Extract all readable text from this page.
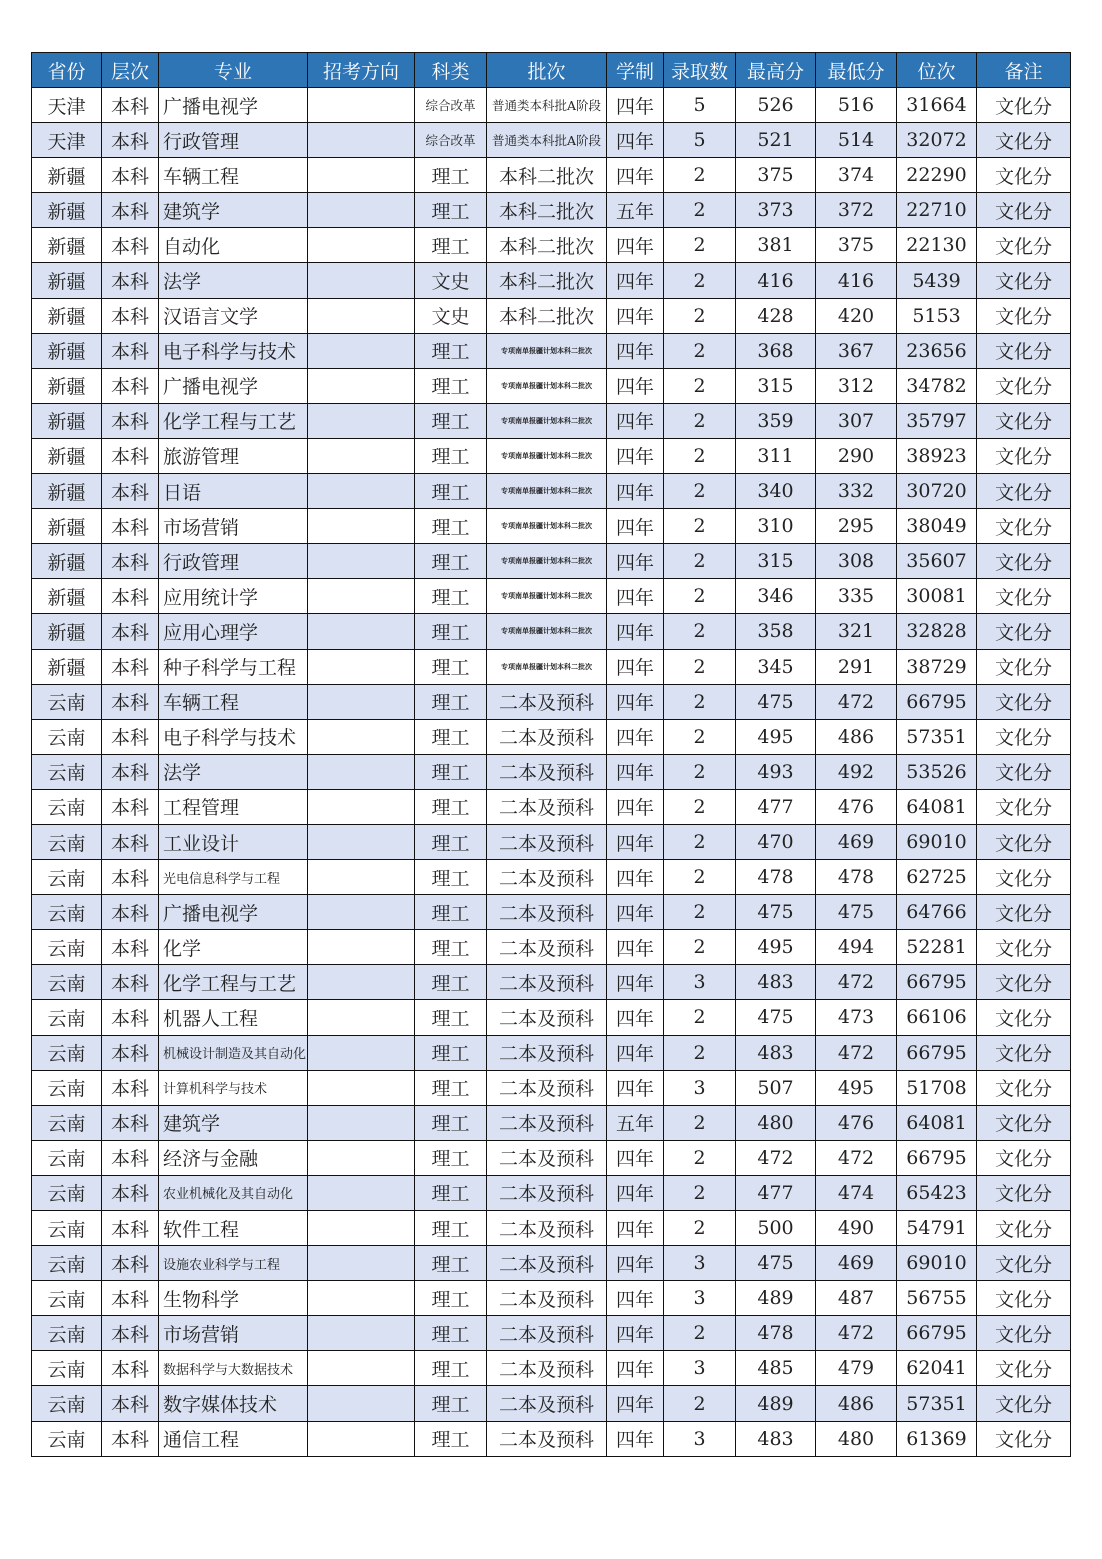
省份	层次	专业	招考方向	科类	批次	学制	录取数	最高分	最低分	位次	备注
天津	本科	广播电视学		综合改革	普通类本科批A阶段	四年	5	526	516	31664	文化分
天津	本科	行政管理		综合改革	普通类本科批A阶段	四年	5	521	514	32072	文化分
新疆	本科	车辆工程		理工	本科二批次	四年	2	375	374	22290	文化分
新疆	本科	建筑学		理工	本科二批次	五年	2	373	372	22710	文化分
新疆	本科	自动化		理工	本科二批次	四年	2	381	375	22130	文化分
新疆	本科	法学		文史	本科二批次	四年	2	416	416	5439	文化分
新疆	本科	汉语言文学		文史	本科二批次	四年	2	428	420	5153	文化分
新疆	本科	电子科学与技术		理工	专项南单报疆计划本科二批次	四年	2	368	367	23656	文化分
新疆	本科	广播电视学		理工	专项南单报疆计划本科二批次	四年	2	315	312	34782	文化分
新疆	本科	化学工程与工艺		理工	专项南单报疆计划本科二批次	四年	2	359	307	35797	文化分
新疆	本科	旅游管理		理工	专项南单报疆计划本科二批次	四年	2	311	290	38923	文化分
新疆	本科	日语		理工	专项南单报疆计划本科二批次	四年	2	340	332	30720	文化分
新疆	本科	市场营销		理工	专项南单报疆计划本科二批次	四年	2	310	295	38049	文化分
新疆	本科	行政管理		理工	专项南单报疆计划本科二批次	四年	2	315	308	35607	文化分
新疆	本科	应用统计学		理工	专项南单报疆计划本科二批次	四年	2	346	335	30081	文化分
新疆	本科	应用心理学		理工	专项南单报疆计划本科二批次	四年	2	358	321	32828	文化分
新疆	本科	种子科学与工程		理工	专项南单报疆计划本科二批次	四年	2	345	291	38729	文化分
云南	本科	车辆工程		理工	二本及预科	四年	2	475	472	66795	文化分
云南	本科	电子科学与技术		理工	二本及预科	四年	2	495	486	57351	文化分
云南	本科	法学		理工	二本及预科	四年	2	493	492	53526	文化分
云南	本科	工程管理		理工	二本及预科	四年	2	477	476	64081	文化分
云南	本科	工业设计		理工	二本及预科	四年	2	470	469	69010	文化分
云南	本科	光电信息科学与工程		理工	二本及预科	四年	2	478	478	62725	文化分
云南	本科	广播电视学		理工	二本及预科	四年	2	475	475	64766	文化分
云南	本科	化学		理工	二本及预科	四年	2	495	494	52281	文化分
云南	本科	化学工程与工艺		理工	二本及预科	四年	3	483	472	66795	文化分
云南	本科	机器人工程		理工	二本及预科	四年	2	475	473	66106	文化分
云南	本科	机械设计制造及其自动化		理工	二本及预科	四年	2	483	472	66795	文化分
云南	本科	计算机科学与技术		理工	二本及预科	四年	3	507	495	51708	文化分
云南	本科	建筑学		理工	二本及预科	五年	2	480	476	64081	文化分
云南	本科	经济与金融		理工	二本及预科	四年	2	472	472	66795	文化分
云南	本科	农业机械化及其自动化		理工	二本及预科	四年	2	477	474	65423	文化分
云南	本科	软件工程		理工	二本及预科	四年	2	500	490	54791	文化分
云南	本科	设施农业科学与工程		理工	二本及预科	四年	3	475	469	69010	文化分
云南	本科	生物科学		理工	二本及预科	四年	3	489	487	56755	文化分
云南	本科	市场营销		理工	二本及预科	四年	2	478	472	66795	文化分
云南	本科	数据科学与大数据技术		理工	二本及预科	四年	3	485	479	62041	文化分
云南	本科	数字媒体技术		理工	二本及预科	四年	2	489	486	57351	文化分
云南	本科	通信工程		理工	二本及预科	四年	3	483	480	61369	文化分
